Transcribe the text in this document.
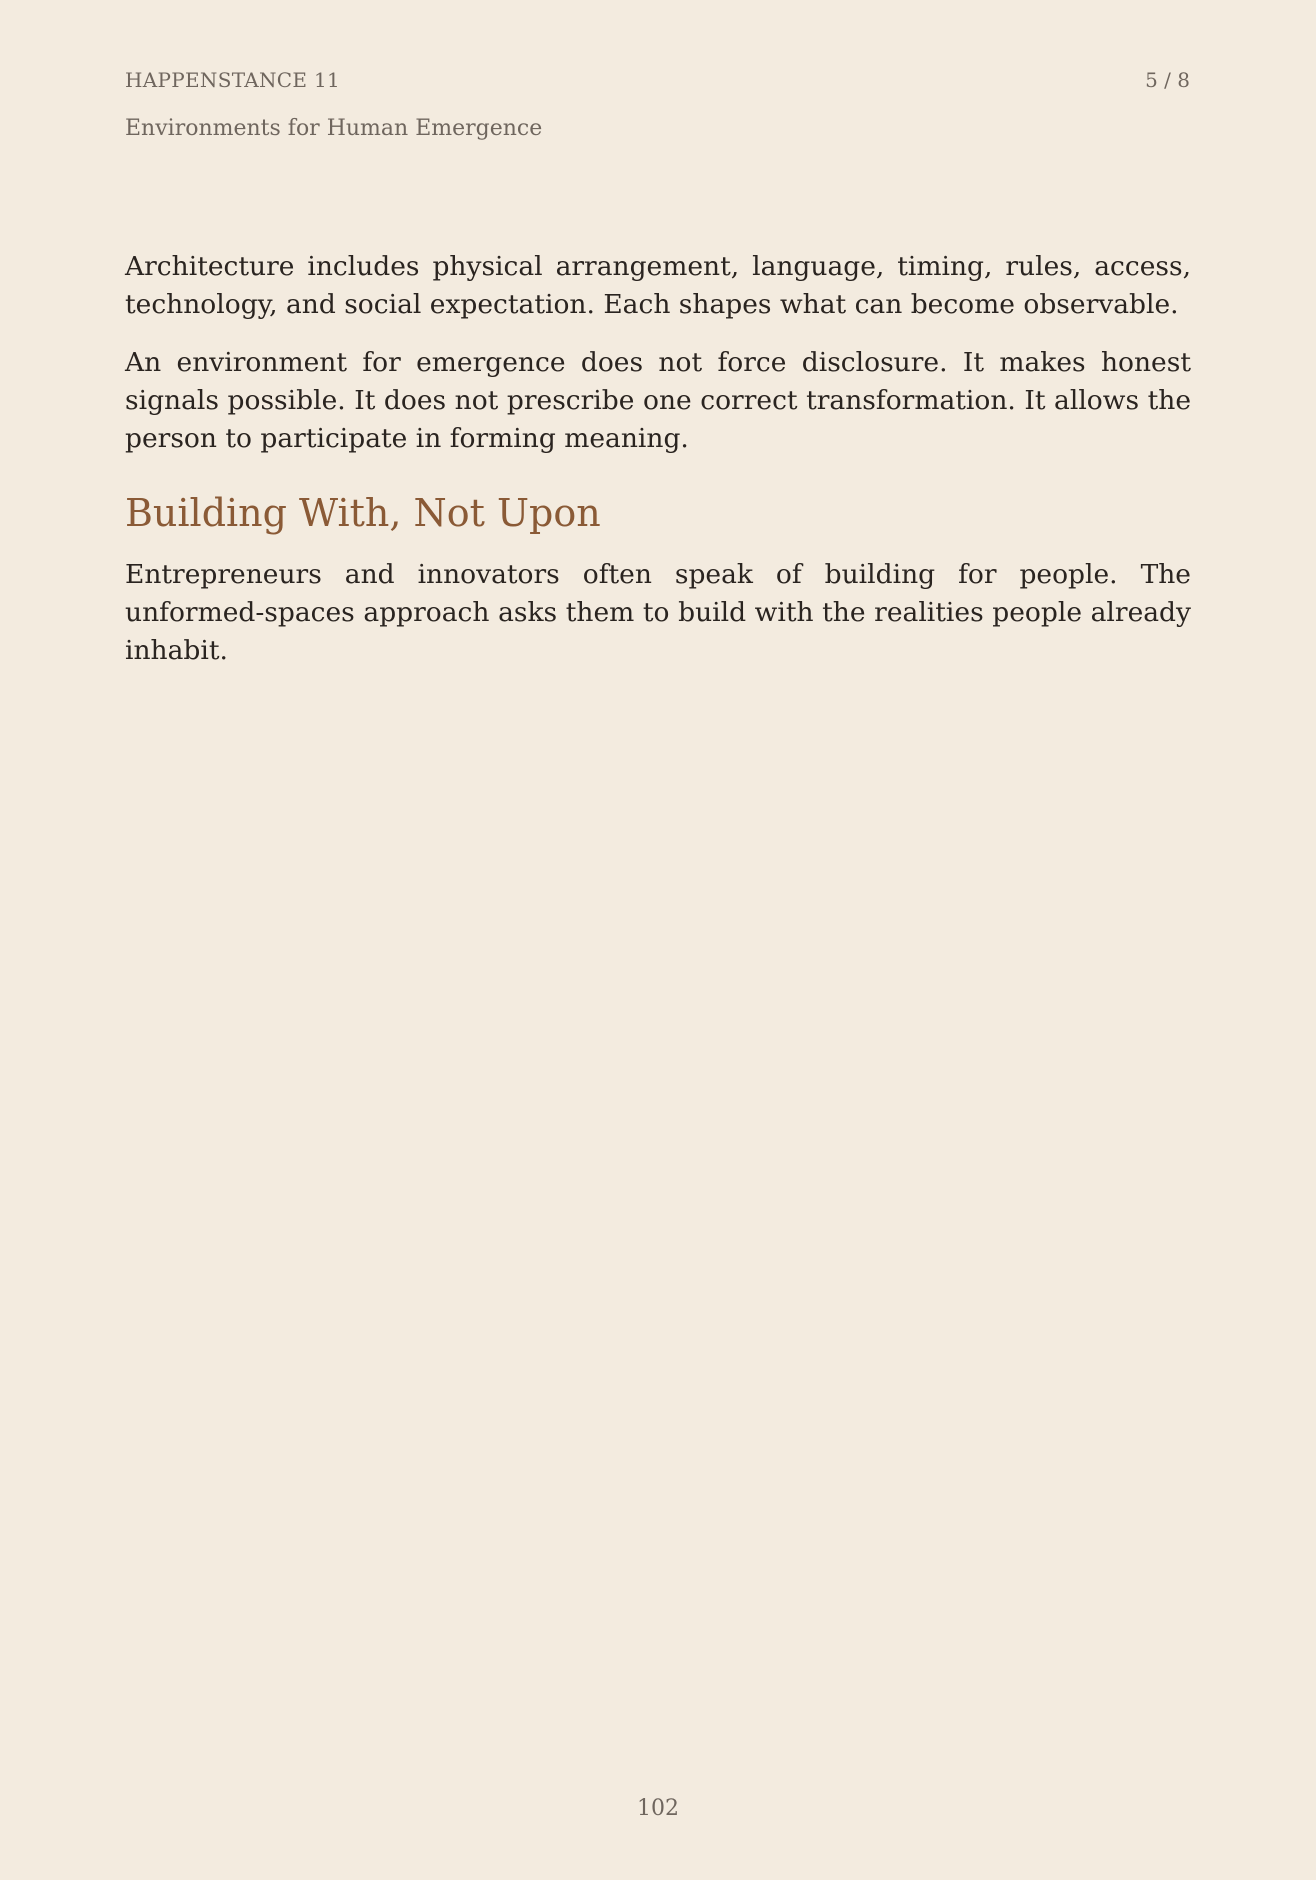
HAPPENSTANCE 11	5 / 8
Environments for Human Emergence

Architecture includes physical arrangement, language, timing, rules, access, technology, and social expectation. Each shapes what can become observable.

An environment for emergence does not force disclosure. It makes honest signals possible. It does not prescribe one correct transformation. It allows the person to participate in forming meaning.

Building With, Not Upon

Entrepreneurs and innovators often speak of building for people. The unformed-spaces approach asks them to build with the realities people already inhabit.

102
